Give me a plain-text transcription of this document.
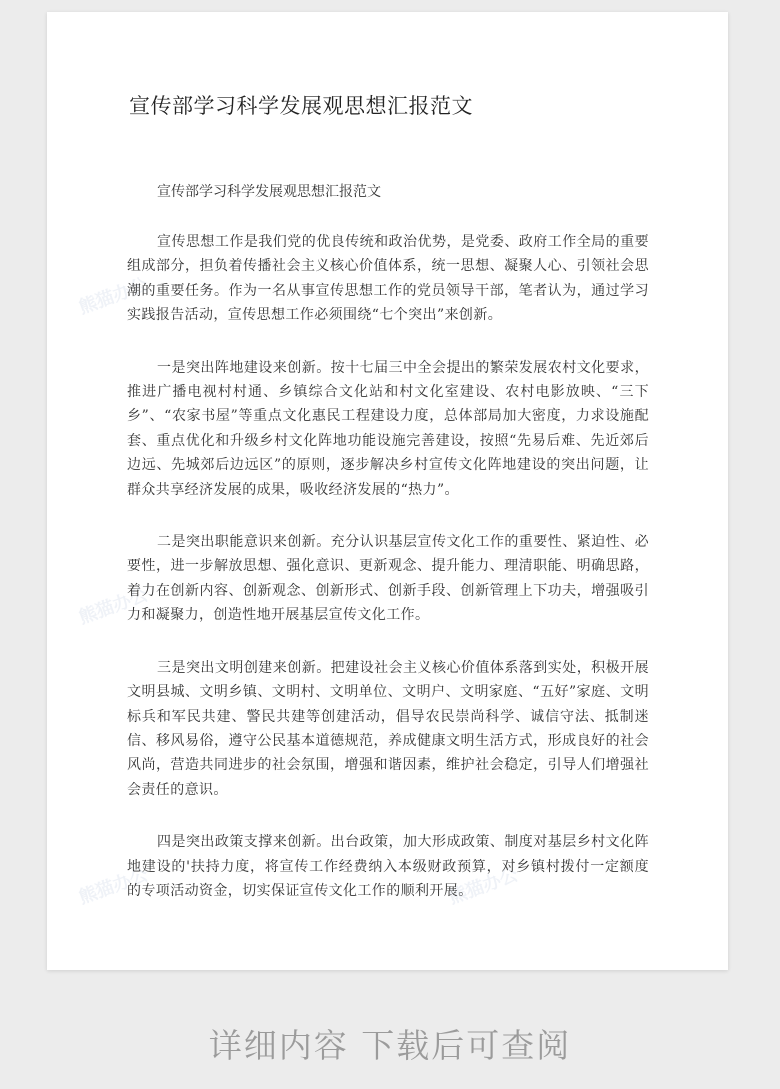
熊猫办公
熊猫办公
熊猫办公	熊猫办公
宣传部学习科学发展观思想汇报范文

宣传部学习科学发展观思想汇报范文

宣传思想工作是我们党的优良传统和政治优势，是党委、政府工作全局的重要组成部分，担负着传播社会主义核心价值体系，统一思想、凝聚人心、引领社会思潮的重要任务。作为一名从事宣传思想工作的党员领导干部，笔者认为，通过学习实践报告活动，宣传思想工作必须围绕“七个突出”来创新。

一是突出阵地建设来创新。按十七届三中全会提出的繁荣发展农村文化要求，推进广播电视村村通、乡镇综合文化站和村文化室建设、农村电影放映、“三下乡”、“农家书屋”等重点文化惠民工程建设力度，总体部局加大密度，力求设施配套、重点优化和升级乡村文化阵地功能设施完善建设，按照“先易后难、先近郊后边远、先城郊后边远区”的原则，逐步解决乡村宣传文化阵地建设的突出问题，让群众共享经济发展的成果，吸收经济发展的“热力”。

二是突出职能意识来创新。充分认识基层宣传文化工作的重要性、紧迫性、必要性，进一步解放思想、强化意识、更新观念、提升能力、理清职能、明确思路，着力在创新内容、创新观念、创新形式、创新手段、创新管理上下功夫，增强吸引力和凝聚力，创造性地开展基层宣传文化工作。

三是突出文明创建来创新。把建设社会主义核心价值体系落到实处，积极开展文明县城、文明乡镇、文明村、文明单位、文明户、文明家庭、“五好”家庭、文明标兵和军民共建、警民共建等创建活动，倡导农民崇尚科学、诚信守法、抵制迷信、移风易俗，遵守公民基本道德规范，养成健康文明生活方式，形成良好的社会风尚，营造共同进步的社会氛围，增强和谐因素，维护社会稳定，引导人们增强社会责任的意识。

四是突出政策支撑来创新。出台政策，加大形成政策、制度对基层乡村文化阵地建设的'扶持力度，将宣传工作经费纳入本级财政预算，对乡镇村拨付一定额度的专项活动资金，切实保证宣传文化工作的顺利开展。

详细内容 下载后可查阅
